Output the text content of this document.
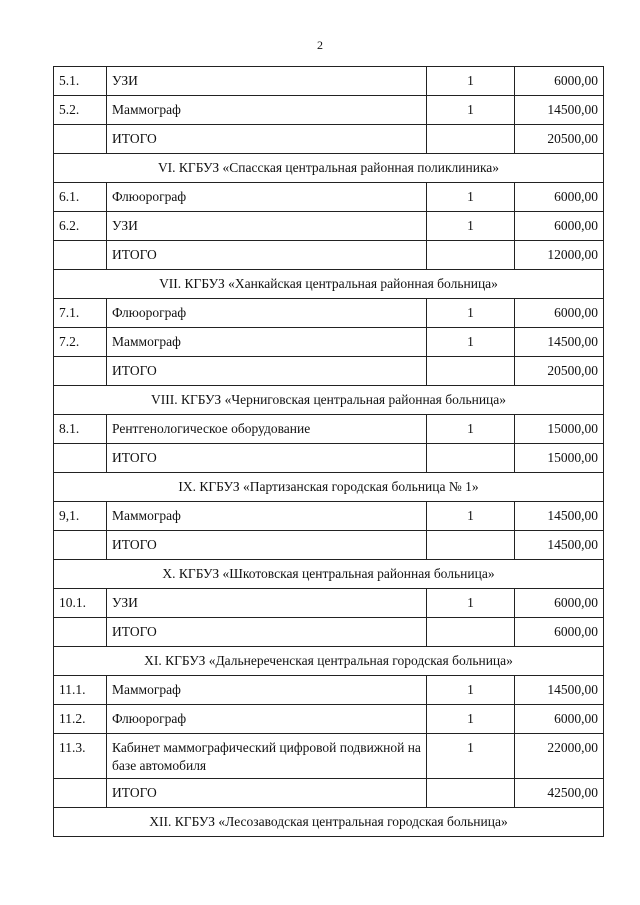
2
5.1.	УЗИ	1	6000,00
5.2.	Маммограф	1	14500,00
	ИТОГО		20500,00
VI. КГБУЗ «Спасская центральная районная поликлиника»			
6.1.	Флюорограф	1	6000,00
6.2.	УЗИ	1	6000,00
	ИТОГО		12000,00
VII. КГБУЗ «Ханкайская центральная районная больница»			
7.1.	Флюорограф	1	6000,00
7.2.	Маммограф	1	14500,00
	ИТОГО		20500,00
VIII. КГБУЗ «Черниговская центральная районная больница»			
8.1.	Рентгенологическое оборудование	1	15000,00
	ИТОГО		15000,00
IX. КГБУЗ «Партизанская городская больница № 1»			
9,1.	Маммограф	1	14500,00
	ИТОГО		14500,00
X. КГБУЗ «Шкотовская центральная районная больница»			
10.1.	УЗИ	1	6000,00
	ИТОГО		6000,00
XI. КГБУЗ «Дальнереченская центральная городская больница»			
11.1.	Маммограф	1	14500,00
11.2.	Флюорограф	1	6000,00
11.3.	Кабинет маммографический цифровой подвижной на базе автомобиля	1	22000,00
	ИТОГО		42500,00
XII. КГБУЗ «Лесозаводская центральная городская больница»			
